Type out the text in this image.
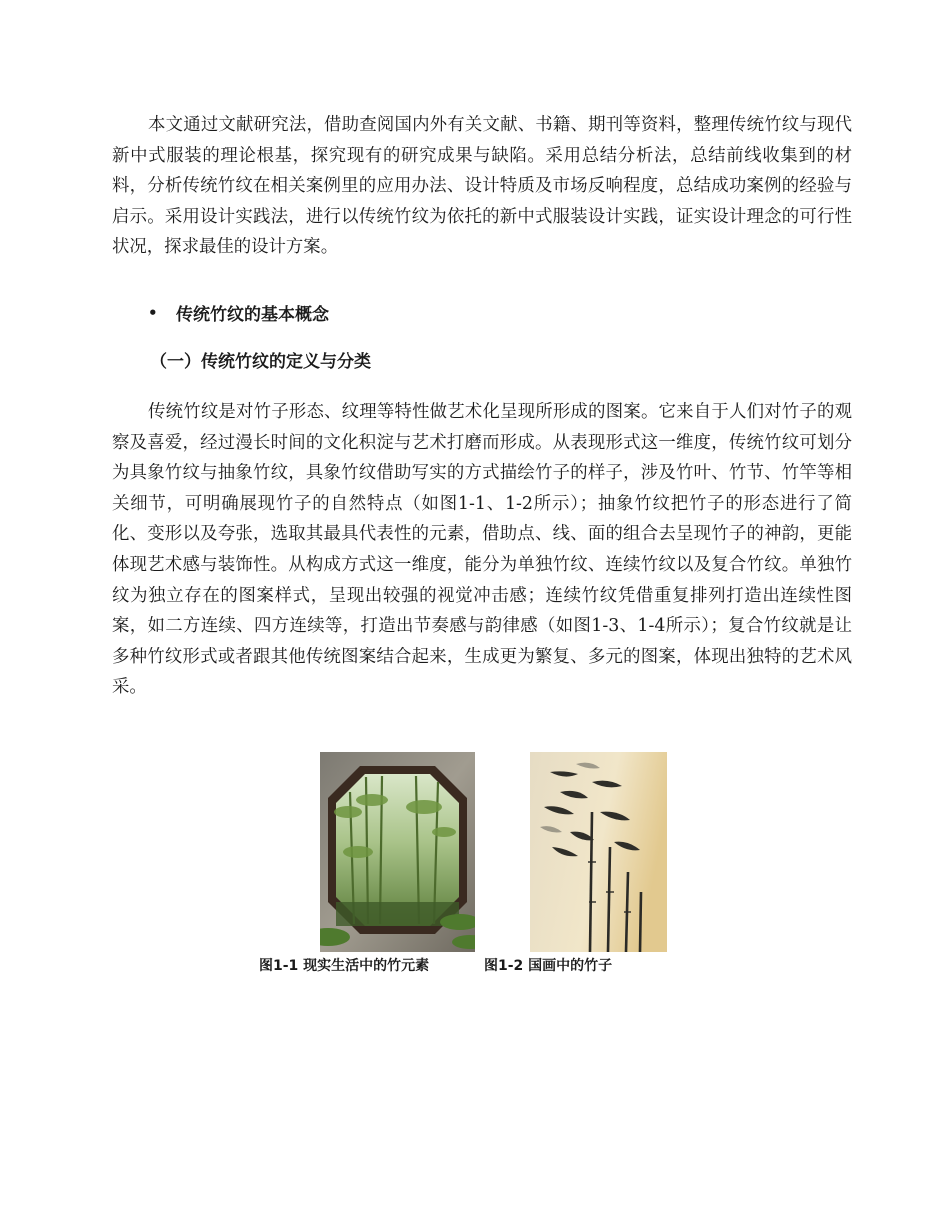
本文通过文献研究法，借助查阅国内外有关文献、书籍、期刊等资料，整理传统竹纹与现代新中式服装的理论根基，探究现有的研究成果与缺陷。采用总结分析法，总结前线收集到的材料，分析传统竹纹在相关案例里的应用办法、设计特质及市场反响程度，总结成功案例的经验与启示。采用设计实践法，进行以传统竹纹为依托的新中式服装设计实践，证实设计理念的可行性状况，探求最佳的设计方案。

•	传统竹纹的基本概念
（一）传统竹纹的定义与分类

传统竹纹是对竹子形态、纹理等特性做艺术化呈现所形成的图案。它来自于人们对竹子的观察及喜爱，经过漫长时间的文化积淀与艺术打磨而形成。从表现形式这一维度，传统竹纹可划分为具象竹纹与抽象竹纹，具象竹纹借助写实的方式描绘竹子的样子，涉及竹叶、竹节、竹竿等相关细节，可明确展现竹子的自然特点（如图1-1、1-2所示）；抽象竹纹把竹子的形态进行了简化、变形以及夸张，选取其最具代表性的元素，借助点、线、面的组合去呈现竹子的神韵，更能体现艺术感与装饰性。从构成方式这一维度，能分为单独竹纹、连续竹纹以及复合竹纹。单独竹纹为独立存在的图案样式，呈现出较强的视觉冲击感；连续竹纹凭借重复排列打造出连续性图案，如二方连续、四方连续等，打造出节奏感与韵律感（如图1-3、1-4所示）；复合竹纹就是让多种竹纹形式或者跟其他传统图案结合起来，生成更为繁复、多元的图案，体现出独特的艺术风采。

图1-1 现实生活中的竹元素	图1-2 国画中的竹子
